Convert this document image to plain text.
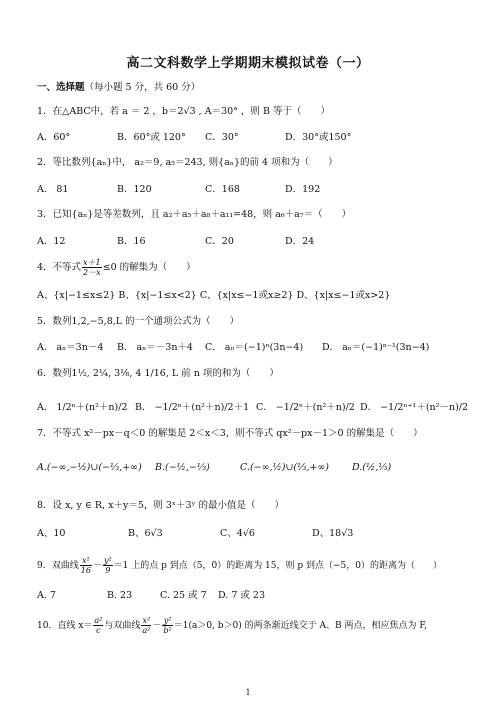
高二文科数学上学期期末模拟试卷（一）
一、选择题（每小题 5 分，共 60 分）
1．在△ABC中，若 a ＝ 2 ，b＝2√3 , A＝30° ，则 B 等于（　　）
A．60°	B．60°或 120° C．30°	D．30°或150°
2．等比数列{aₙ}中， a₂＝9, a₅＝243, 则{aₙ}的前 4 项和为（　　）
A． 81	B．120	C．168	D．192
3．已知{aₙ}是等差数列，且 a₂＋a₅＋a₈＋a₁₁=48，则 a₆＋a₇＝（　　）
A．12	B．16	C．20	D．24
4．不等式 $\frac{x+1}{2-x} \le 0$ 的解集为（　　）
A、{x|−1≤x≤2} B、{x|−1≤x<2} C、{x|x≤−1或x≥2} D、{x|x≤−1或x>2}
5．数列1,2,−5,8,L 的一个通项公式为（　　）
A． aₙ＝3n－4 B． aₙ＝－3n＋4 C． aₙ＝(−1)ⁿ(3n−4) D． aₙ＝(−1)ⁿ⁻¹(3n−4)
6．数列1½, 2¼, 3⅛, 4 1/16, L 前 n 项的和为（　　）
A． 1/2ⁿ＋(n²＋n)/2 B． −1/2ⁿ＋(n²＋n)/2＋1 C． −1/2ⁿ＋(n²＋n)/2 D． −1/2ⁿ⁺¹＋(n²－n)/2
7．不等式 x²－px－q＜0 的解集是 2＜x＜3，则不等式 qx²－px－1＞0 的解集是（　　）
A.(−∞,−½)∪(−⅓,+∞) B.(−½,−⅓)	C.(−∞,½)∪(⅓,+∞) D.(½,⅓)
8．设 x, y ∈ R, x＋y＝5，则 3ˣ＋3ʸ 的最小值是（　　）
A、10	B、6√3	C、4√6	D、18√3
9．双曲线 $\frac{\text{x²}}{16} - \frac{\text{y²}}{9} =1$ 上的点 p 到点（5，0）的距离为 15，则 p 到点（−5，0）的距离为（　　）
A. 7	B. 23	C. 25 或 7 D. 7 或 23
10．直线 $x= \frac{\text{a²}}{c}$ 与双曲线 $\frac{\text{x²}}{\text{a²}} - \frac{\text{y²}}{\text{b²}} =1(a>0$, b＞0) 的两条渐近线交于 A、B 两点，相应焦点为 F,
1
